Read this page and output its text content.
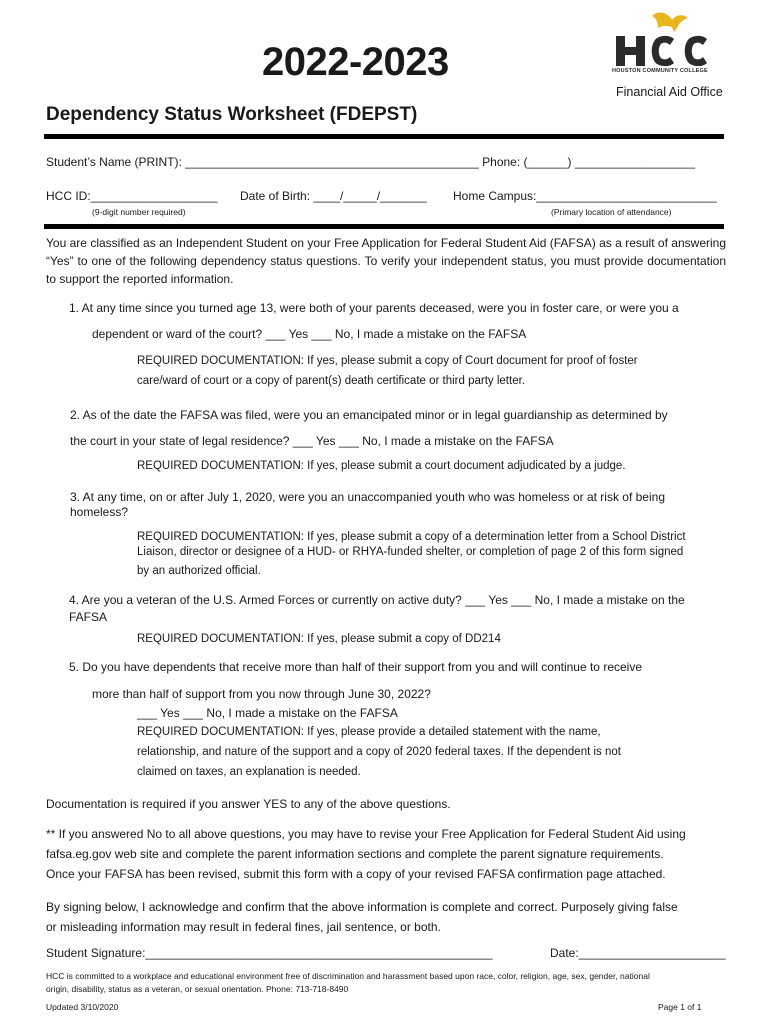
2022-2023	HOUSTON COMMUNITY COLLEGE
Financial Aid Office
Dependency Status Worksheet (FDEPST)
Student’s Name (PRINT): ____________________________________________ Phone: (______) __________________
HCC ID:___________________
(9-digit number required)
Date of Birth: ____/_____/_______ Home Campus:___________________________
(Primary location of attendance)
You are classified as an Independent Student on your Free Application for Federal Student Aid (FAFSA) as a result of answering “Yes” to one of the following dependency status questions. To verify your independent status, you must provide documentation to support the reported information.
1. At any time since you turned age 13, were both of your parents deceased, were you in foster care, or were you a
dependent or ward of the court? ___ Yes ___ No, I made a mistake on the FAFSA
REQUIRED DOCUMENTATION: If yes, please submit a copy of Court document for proof of foster
care/ward of court or a copy of parent(s) death certificate or third party letter.
2. As of the date the FAFSA was filed, were you an emancipated minor or in legal guardianship as determined by
the court in your state of legal residence? ___ Yes ___ No, I made a mistake on the FAFSA
REQUIRED DOCUMENTATION: If yes, please submit a court document adjudicated by a judge.
3. At any time, on or after July 1, 2020, were you an unaccompanied youth who was homeless or at risk of being
homeless?
REQUIRED DOCUMENTATION: If yes, please submit a copy of a determination letter from a School District
Liaison, director or designee of a HUD- or RHYA-funded shelter, or completion of page 2 of this form signed
by an authorized official.
4. Are you a veteran of the U.S. Armed Forces or currently on active duty? ___ Yes ___ No, I made a mistake on the
FAFSA
REQUIRED DOCUMENTATION: If yes, please submit a copy of DD214
5. Do you have dependents that receive more than half of their support from you and will continue to receive
more than half of support from you now through June 30, 2022?
___ Yes ___ No, I made a mistake on the FAFSA
REQUIRED DOCUMENTATION: If yes, please provide a detailed statement with the name,
relationship, and nature of the support and a copy of 2020 federal taxes. If the dependent is not
claimed on taxes, an explanation is needed.
Documentation is required if you answer YES to any of the above questions.
** If you answered No to all above questions, you may have to revise your Free Application for Federal Student Aid using
fafsa.eg.gov web site and complete the parent information sections and complete the parent signature requirements.
Once your FAFSA has been revised, submit this form with a copy of your revised FAFSA confirmation page attached.
By signing below, I acknowledge and confirm that the above information is complete and correct. Purposely giving false
or misleading information may result in federal fines, jail sentence, or both.
Student Signature:____________________________________________________	Date:______________________
HCC is committed to a workplace and educational environment free of discrimination and harassment based upon race, color, religion, age, sex, gender, national
origin, disability, status as a veteran, or sexual orientation. Phone: 713-718-8490
Updated 3/10/2020	Page 1 of 1
